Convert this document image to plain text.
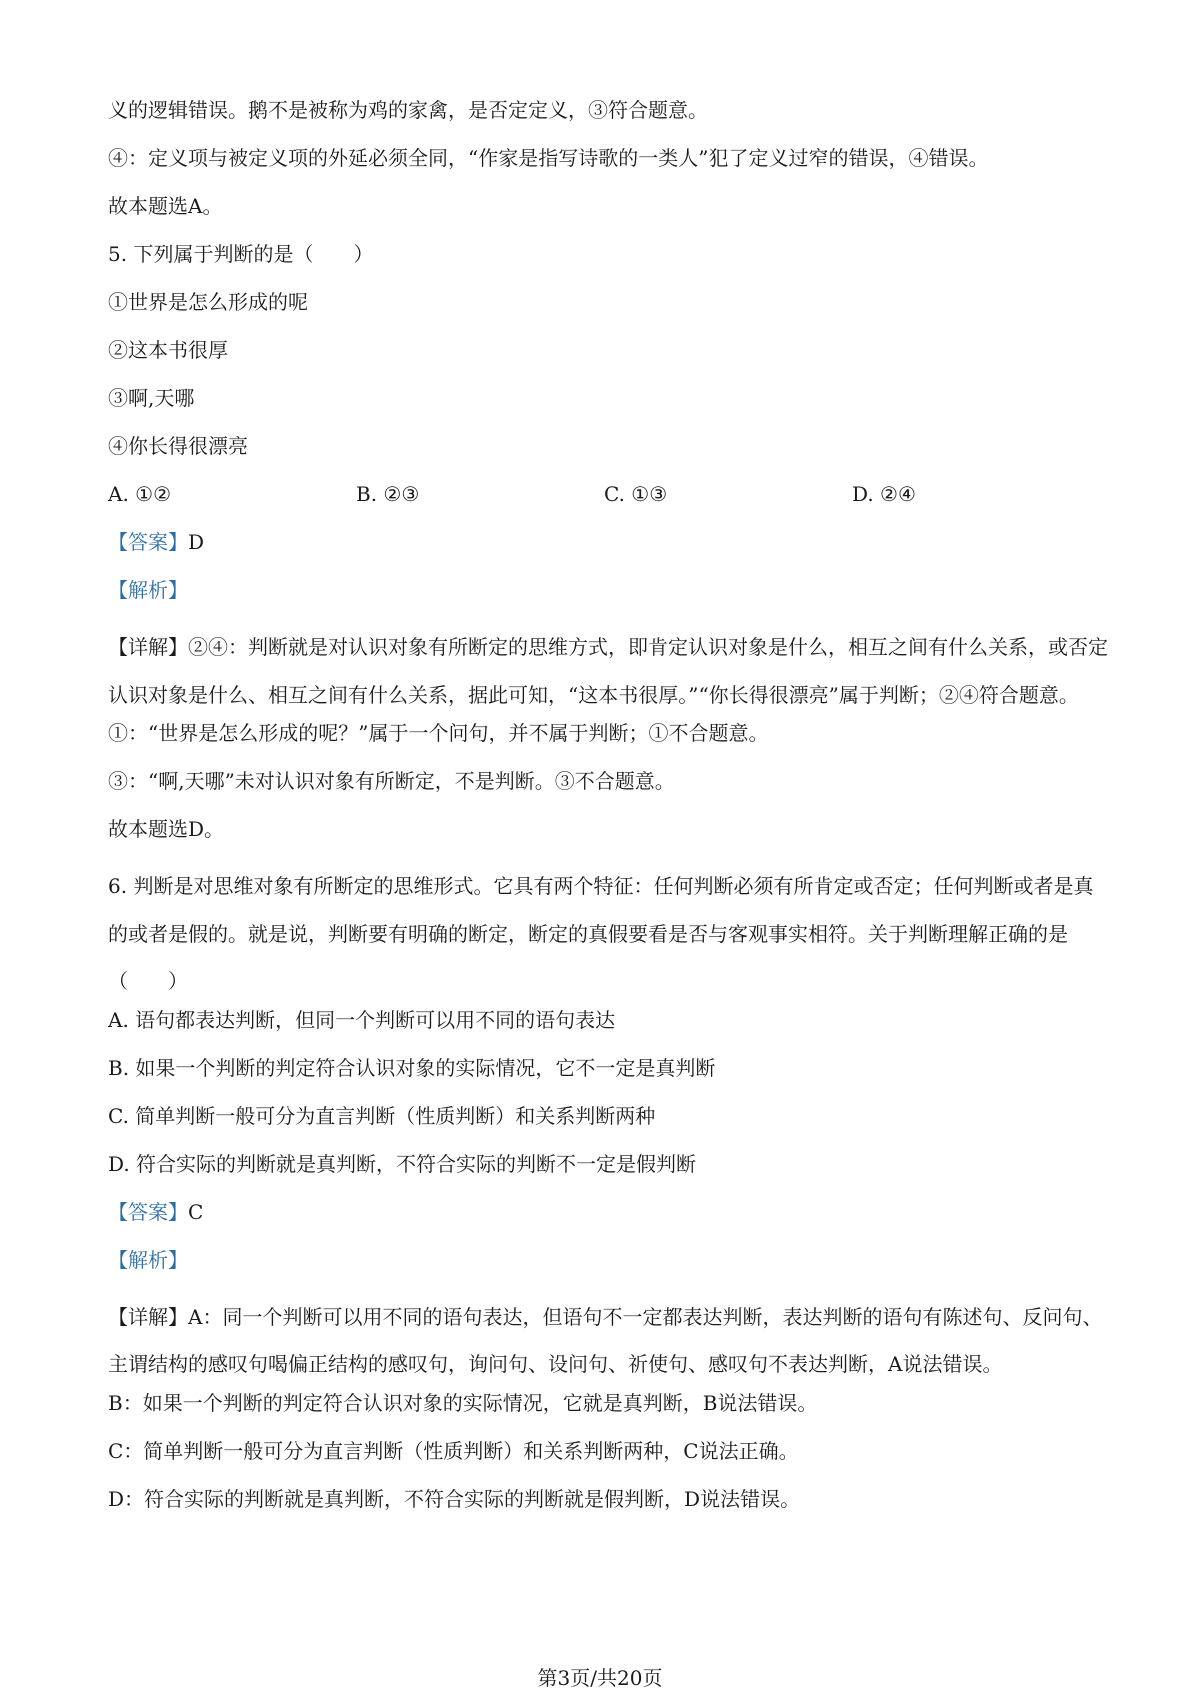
义的逻辑错误。鹅不是被称为鸡的家禽，是否定定义，③符合题意。

④：定义项与被定义项的外延必须全同，“作家是指写诗歌的一类人”犯了定义过窄的错误，④错误。

故本题选A。

5. 下列属于判断的是（　　）

①世界是怎么形成的呢

②这本书很厚

③啊,天哪

④你长得很漂亮

A. ①②	B. ②③	C. ①③	D. ②④

【答案】D

【解析】

【详解】②④：判断就是对认识对象有所断定的思维方式，即肯定认识对象是什么，相互之间有什么关系，或否定认识对象是什么、相互之间有什么关系，据此可知，“这本书很厚。”“你长得很漂亮”属于判断；②④符合题意。

①：“世界是怎么形成的呢？”属于一个问句，并不属于判断；①不合题意。

③：“啊,天哪”未对认识对象有所断定，不是判断。③不合题意。

故本题选D。

6. 判断是对思维对象有所断定的思维形式。它具有两个特征：任何判断必须有所肯定或否定；任何判断或者是真的或者是假的。就是说，判断要有明确的断定，断定的真假要看是否与客观事实相符。关于判断理解正确的是（　　）

A. 语句都表达判断，但同一个判断可以用不同的语句表达

B. 如果一个判断的判定符合认识对象的实际情况，它不一定是真判断

C. 简单判断一般可分为直言判断（性质判断）和关系判断两种

D. 符合实际的判断就是真判断，不符合实际的判断不一定是假判断

【答案】C

【解析】

【详解】A：同一个判断可以用不同的语句表达，但语句不一定都表达判断，表达判断的语句有陈述句、反问句、主谓结构的感叹句喝偏正结构的感叹句，询问句、设问句、祈使句、感叹句不表达判断，A说法错误。

B：如果一个判断的判定符合认识对象的实际情况，它就是真判断，B说法错误。

C：简单判断一般可分为直言判断（性质判断）和关系判断两种，C说法正确。

D：符合实际的判断就是真判断，不符合实际的判断就是假判断，D说法错误。

第3页/共20页
